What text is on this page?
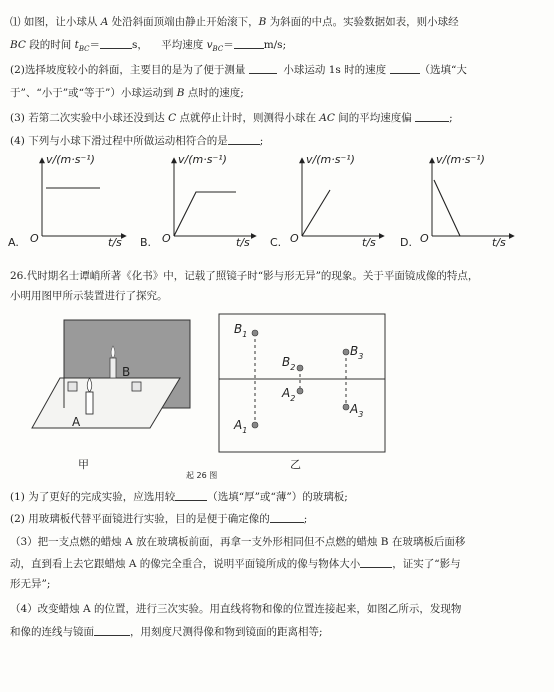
⑴ 如图，让小球从 A 处沿斜面顶端由静止开始滚下，B 为斜面的中点。实验数据如表，则小球经
BC 段的时间 $t_{BC}=$	s， 平均速度 $v_{BC}=$	m/s;
(2)选择坡度较小的斜面，主要目的是为了便于测量	小球运动 1s 时的速度	（选填“大
于”、“小于”或“等于”）小球运动到 B 点时的速度;
(3) 若第二次实验中小球还没到达 C 点就停止计时，则测得小球在 AC 间的平均速度偏	;
(4) 下列与小球下滑过程中所做运动相符合的是	;
A.
v/(m·s⁻¹)
O	t/s B.
v/(m·s⁻¹)
O	t/s C.
v/(m·s⁻¹)
O	t/s D.
v/(m·s⁻¹)
O	t/s
26.代时期名士谭峭所著《化书》中，记载了照镜子时“影与形无异”的现象。关于平面镜成像的特点，
小明用图甲所示装置进行了探究。
B
A
甲
$B_1$
$B_2$
$B_3$
$A_1$
$A_2$
$A_3$
乙
起 26 图
(1) 为了更好的完成实验，应选用较	（选填“厚”或“薄”）的玻璃板;
(2) 用玻璃板代替平面镜进行实验，目的是便于确定像的	;
（3）把一支点燃的蜡烛 A 放在玻璃板前面，再拿一支外形相同但不点燃的蜡烛 B 在玻璃板后面移
动，直到看上去它跟蜡烛 A 的像完全重合，说明平面镜所成的像与物体大小	，证实了“影与
形无异”;
（4）改变蜡烛 A 的位置，进行三次实验。用直线将物和像的位置连接起来，如图乙所示，发现物
和像的连线与镜面	，用刻度尺测得像和物到镜面的距离相等;
